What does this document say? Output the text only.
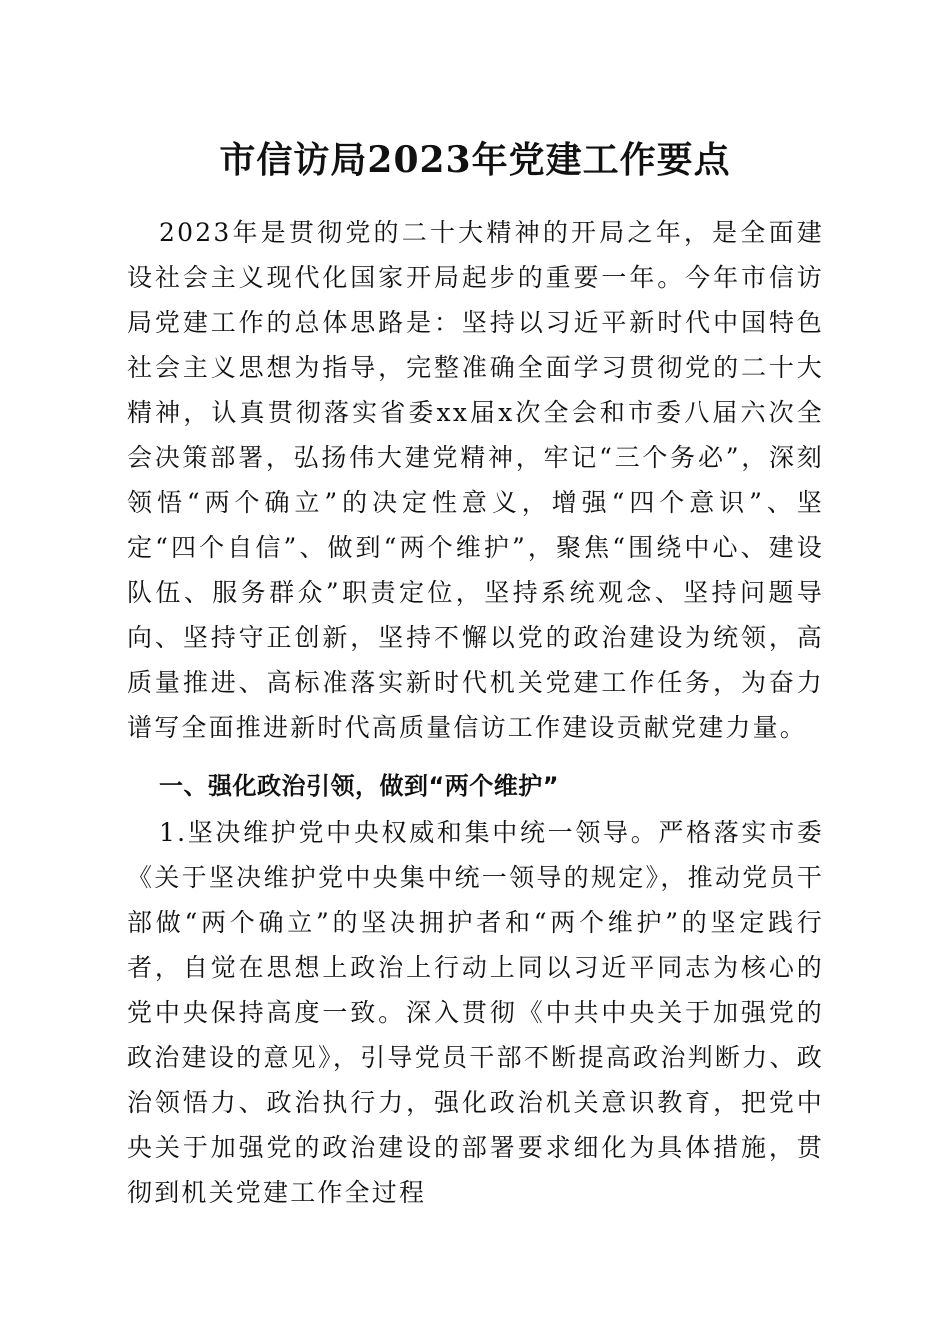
市信访局2023年党建工作要点

2023年是贯彻党的二十大精神的开局之年，是全面建设社会主义现代化国家开局起步的重要一年。今年市信访局党建工作的总体思路是：坚持以习近平新时代中国特色社会主义思想为指导，完整准确全面学习贯彻党的二十大精神，认真贯彻落实省委xx届x次全会和市委八届六次全会决策部署，弘扬伟大建党精神，牢记“三个务必”，深刻领悟“两个确立”的决定性意义，增强“四个意识”、坚定“四个自信”、做到“两个维护”，聚焦“围绕中心、建设队伍、服务群众”职责定位，坚持系统观念、坚持问题导向、坚持守正创新，坚持不懈以党的政治建设为统领，高质量推进、高标准落实新时代机关党建工作任务，为奋力谱写全面推进新时代高质量信访工作建设贡献党建力量。

一、强化政治引领，做到“两个维护”

1.坚决维护党中央权威和集中统一领导。严格落实市委《关于坚决维护党中央集中统一领导的规定》，推动党员干部做“两个确立”的坚决拥护者和“两个维护”的坚定践行者，自觉在思想上政治上行动上同以习近平同志为核心的党中央保持高度一致。深入贯彻《中共中央关于加强党的政治建设的意见》，引导党员干部不断提高政治判断力、政治领悟力、政治执行力，强化政治机关意识教育，把党中央关于加强党的政治建设的部署要求细化为具体措施，贯彻到机关党建工作全过程
